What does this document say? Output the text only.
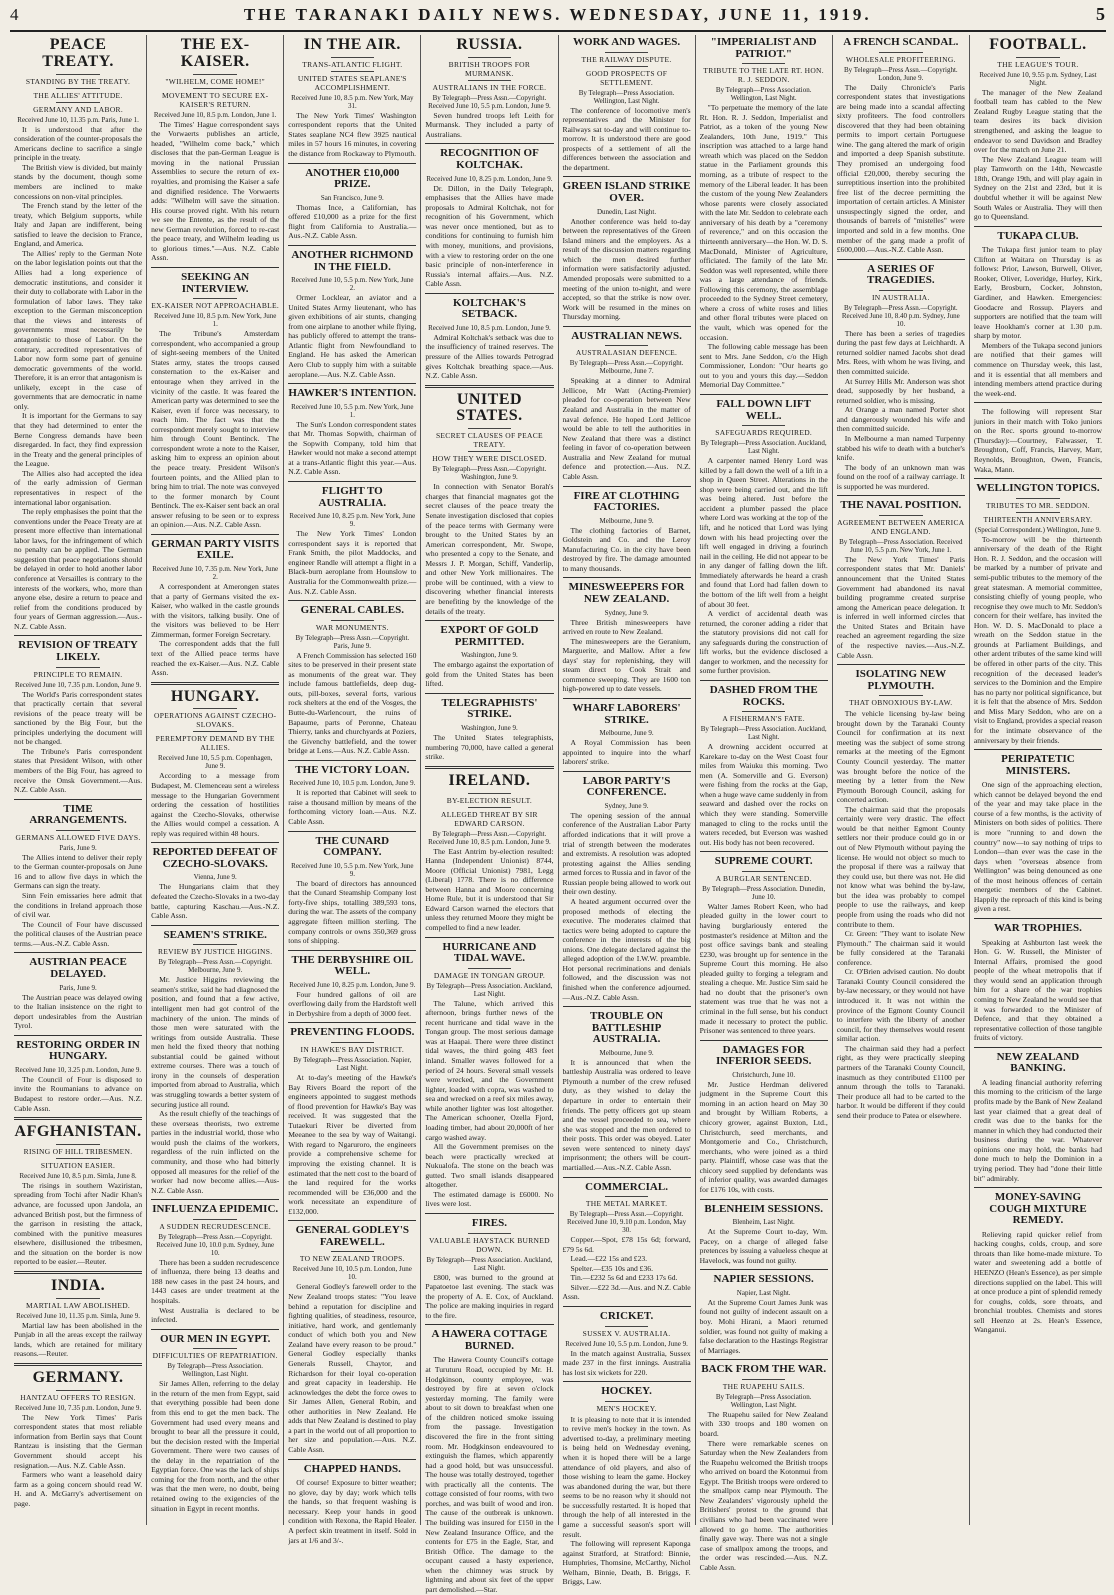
4	THE TARANAKI DAILY NEWS. WEDNESDAY, JUNE 11, 1919.	5
PEACE TREATY.
STANDING BY THE TREATY.
THE ALLIES' ATTITUDE.
GERMANY AND LABOR.
Received June 10, 11.35 p.m. Paris, June 1.

It is understood that after the consideration of the counter-proposals the Americans decline to sacrifice a single principle in the treaty.

The British view is divided, but mainly stands by the document, though some members are inclined to make concessions on non-vital principles.

The French stand by the letter of the treaty, which Belgium supports, while Italy and Japan are indifferent, being satisfied to leave the decision to France, England, and America.

The Allies' reply to the German Note on the labor legislation points out that the Allies had a long experience of democratic institutions, and consider it their duty to collaborate with Labor in the formulation of labor laws. They take exception to the German misconception that the views and interests of governments must necessarily be antagonistic to those of Labor. On the contrary, accredited representatives of Labor now form some part of genuine democratic governments of the world. Therefore, it is an error that antagonism is unlikely, except in the case of governments that are democratic in name only.

It is important for the Germans to say that they had determined to enter the Berne Congress demands have been disregarded. In fact, they find expression in the Treaty and the general principles of the League.

The Allies also had accepted the idea of the early admission of German representatives in respect of the international labor organisation.

The reply emphasises the point that the conventions under the Peace Treaty are at present more effective than international labor laws, for the infringement of which no penalty can be applied. The German suggestion that peace negotiations should be delayed in order to hold another labor conference at Versailles is contrary to the interests of the workers, who, more than anyone else, desire a return to peace and relief from the conditions produced by four years of German aggression.—Aus.-N.Z. Cable Assn.

REVISION OF TREATY LIKELY.
PRINCIPLE TO REMAIN.
Received June 10, 7.35 p.m. London, June 9.

The World's Paris correspondent states that practically certain that several revisions of the peace treaty will be sanctioned by the Big Four, but the principles underlying the document will not be changed.

The Tribune's Paris correspondent states that President Wilson, with other members of the Big Four, has agreed to receive the Omsk Government.—Aus. N.Z. Cable Assn.

TIME ARRANGEMENTS.
GERMANS ALLOWED FIVE DAYS.
Paris, June 9.

The Allies intend to deliver their reply to the German counter-proposals on June 16 and to allow five days in which the Germans can sign the treaty.

Sinn Fein emissaries here admit that the conditions in Ireland approach those of civil war.

The Council of Four have discussed the political clauses of the Austrian peace terms.—Aus.-N.Z. Cable Assn.

AUSTRIAN PEACE DELAYED.
Paris, June 9.

The Austrian peace was delayed owing to the Italian insistence on the right to deport undesirables from the Austrian Tyrol.

RESTORING ORDER IN HUNGARY.
Received June 10, 3.25 p.m. London, June 9.

The Council of Four is disposed to invite the Roumanians to advance on Budapest to restore order.—Aus. N.Z. Cable Assn.

AFGHANISTAN.
RISING OF HILL TRIBESMEN.
SITUATION EASIER.
Received June 10, 8.5 p.m. Simla, June 8.

The risings in southern Waziristan, spreading from Tochi after Nadir Khan's advance, are focussed upon Jandola, an advanced British post, but the firmness of the garrison in resisting the attack, combined with the punitive measures elsewhere, disillusioned the tribesmen, and the situation on the border is now reported to be easier.—Reuter.

INDIA.
MARTIAL LAW ABOLISHED.
Received June 10, 11.35 p.m. Simla, June 9.

Martial law has been abolished in the Punjab in all the areas except the railway lands, which are retained for military reasons.—Reuter.

GERMANY.
HANTZAU OFFERS TO RESIGN.
Received June 10, 7.35 p.m. London, June 9.

The New York Times' Paris correspondent states that most reliable information from Berlin says that Count Rantzau is insisting that the German Government should accept his resignation.—Aus. N.Z. Cable Assn.

Farmers who want a leasehold dairy farm as a going concern should read W. H. and A. McGarry's advertisement on page.

THE EX-KAISER.
"WILHELM, COME HOME!"
MOVEMENT TO SECURE EX-KAISER'S RETURN.
Received June 10, 8.5 p.m. London, June 1.

The Times' Hague correspondent says the Vorwaerts publishes an article, headed, "Wilhelm come back," which discloses that the pan-German League is moving in the national Prussian Assemblies to secure the return of ex-royalties, and promising the Kaiser a safe and dignified residence. The Vorwaerts adds: "Wilhelm will save the situation. His course proved right. With his return we see the Entente, as the result of the new German revolution, forced to re-cast the peace treaty, and Wilhelm leading us to glorious times."—Aus. N.Z. Cable Assn.

SEEKING AN INTERVIEW.
EX-KAISER NOT APPROACHABLE.
Received June 10, 8.5 p.m. New York, June 1.

The Tribune's Amsterdam correspondent, who accompanied a group of sight-seeing members of the United States army, states the troops caused consternation to the ex-Kaiser and entourage when they arrived in the vicinity of the castle. It was feared the American party was determined to see the Kaiser, even if force was necessary, to reach him. The fact was that the correspondent merely sought to interview him through Count Bentinck. The correspondent wrote a note to the Kaiser, asking him to express an opinion about the peace treaty. President Wilson's fourteen points, and the Allied plan to bring him to trial. The note was conveyed to the former monarch by Count Bentinck. The ex-Kaiser sent back an oral answer refusing to be seen or to express an opinion.—Aus. N.Z. Cable Assn.

GERMAN PARTY VISITS EXILE.
Received June 10, 7.35 p.m. New York, June 2.

A correspondent at Amerongen states that a party of Germans visited the ex-Kaiser, who walked in the castle grounds with the visitors, talking busily. One of the visitors was believed to be Herr Zimmerman, former Foreign Secretary.

The correspondent adds that the full text of the Allied peace terms have reached the ex-Kaiser.—Aus. N.Z. Cable Assn.

HUNGARY.
OPERATIONS AGAINST CZECHO-SLOVAKS.
PEREMPTORY DEMAND BY THE ALLIES.
Received June 10, 5.5 p.m. Copenhagen, June 9.

According to a message from Budapest, M. Clemenceau sent a wireless message to the Hungarian Government ordering the cessation of hostilities against the Czecho-Slovaks, otherwise the Allies would compel a cessation. A reply was required within 48 hours.

REPORTED DEFEAT OF CZECHO-SLOVAKS.
Vienna, June 9.

The Hungarians claim that they defeated the Czecho-Slovaks in a two-day battle, capturing Kaschau.—Aus.-N.Z. Cable Assn.

SEAMEN'S STRIKE.
REVIEW BY JUSTICE HIGGINS.
By Telegraph—Press Assn.—Copyright. Melbourne, June 9.

Mr. Justice Higgins reviewing the seamen's strike, said he had diagnosed the position, and found that a few active, intelligent men had got control of the machinery of the union. The minds of those men were saturated with the writings from outside Australia. These men held the fixed theory that nothing substantial could be gained without extreme courses. There was a touch of irony in the counsels of desperation imported from abroad to Australia, which was struggling towards a better system of securing justice all round.

As the result chiefly of the teachings of these overseas theorists, two extreme parties in the industrial world, those who would push the claims of the workers, regardless of the ruin inflicted on the community, and those who had bitterly opposed all measures for the relief of the worker had now become allies.—Aus-N.Z. Cable Assn.

INFLUENZA EPIDEMIC.
A SUDDEN RECRUDESCENCE.
By Telegraph—Press Assn.—Copyright. Received June 10, 10.0 p.m. Sydney, June 10.

There has been a sudden recrudescence of influenza, there being 13 deaths and 188 new cases in the past 24 hours, and 1443 cases are under treatment at the hospitals.

West Australia is declared to be infected.

OUR MEN IN EGYPT.
DIFFICULTIES OF REPATRIATION.
By Telegraph—Press Association. Wellington, Last Night.

Sir James Allen, referring to the delay in the return of the men from Egypt, said that everything possible had been done from this end to get the men back. The Government had used every means and brought to bear all the pressure it could, but the decision rested with the Imperial Government. There were two causes of the delay in the repatriation of the Egyptian force. One was the lack of ships coming for the from north, and the other was that the men were, no doubt, being retained owing to the exigencies of the situation in Egypt in recent months.

IN THE AIR.
TRANS-ATLANTIC FLIGHT.
UNITED STATES SEAPLANE'S ACCOMPLISHMENT.
Received June 10, 8.5 p.m. New York, May 31.

The New York Times' Washington correspondent reports that the United States seaplane NC4 flew 3925 nautical miles in 57 hours 16 minutes, in covering the distance from Rockaway to Plymouth.

ANOTHER £10,000 PRIZE.
San Francisco, June 9.

Thomas Ince, a Californian, has offered £10,000 as a prize for the first flight from California to Australia.—Aus.-N.Z. Cable Assn.

ANOTHER RICHMOND IN THE FIELD.
Received June 10, 5.5 p.m. New York, June 2.

Ormer Locklear, an aviator and a United States Army lieutenant, who has given exhibitions of air stunts, changing from one airplane to another while flying, has publicly offered to attempt the trans-Atlantic flight from Newfoundland to England. He has asked the American Aero Club to supply him with a suitable aeroplane.—Aus. N.Z. Cable Assn.

HAWKER'S INTENTION.
Received June 10, 5.5 p.m. New York, June 1.

The Sun's London correspondent states that Mr. Thomas Sopwith, chairman of the Sopwith Company, told him that Hawker would not make a second attempt at a trans-Atlantic flight this year.—Aus. N.Z. Cable Assn.

FLIGHT TO AUSTRALIA.
Received June 10, 8.25 p.m. New York, June 9.

The New York Times' London correspondent says it is reported that Frank Smith, the pilot Maddocks, and engineer Randle will attempt a flight in a Black-burn aeroplane from Hounslow to Australia for the Commonwealth prize.—Aus. N.Z. Cable Assn.

GENERAL CABLES.
WAR MONUMENTS.
By Telegraph—Press Assn.—Copyright. Paris, June 9.

A French Commission has selected 160 sites to be preserved in their present state as monuments of the great war. They include famous battlefields, deep dug-outs, pill-boxes, several forts, various rock shelters at the end of the Vosges, the Butte-du-Warlencourt, the ruins of Bapaume, parts of Peronne, Chateau Thierry, tanks and churchyards at Poziers, the Givenchy battlefield, and the tower bridge at Lens.—Aus. N.Z. Cable Assn.

THE VICTORY LOAN.
Received June 10, 10.5 p.m. London, June 9.

It is reported that Cabinet will seek to raise a thousand million by means of the forthcoming victory loan.—Aus. N.Z. Cable Assn.

THE CUNARD COMPANY.
Received June 10, 5.5 p.m. New York, June 9.

The board of directors has announced that the Cunard Steamship Company lost forty-five ships, totalling 389,593 tons, during the war. The assets of the company aggregate fifteen million sterling. The company controls or owns 350,369 gross tons of shipping.

THE DERBYSHIRE OIL WELL.
Received June 10, 8.25 p.m. London, June 9.

Four hundred gallons of oil are overflowing daily from the Hardstoft well in Derbyshire from a depth of 3000 feet.

PREVENTING FLOODS.
IN HAWKE'S BAY DISTRICT.
By Telegraph—Press Association. Napier, Last Night.

At to-day's meeting of the Hawke's Bay Rivers Board the report of the engineers appointed to suggest methods of flood prevention for Hawke's Bay was received. It was suggested that the Tutaekuri River be diverted from Meeanee to the sea by way of Waitangi. With regard to Ngaruroro, the engineers provide a comprehensive scheme for improving the existing channel. It is estimated that the nett cost to the board of the land required for the works recommended will be £36,000 and the work necessitate an expenditure of £132,000.

GENERAL GODLEY'S FAREWELL.
TO NEW ZEALAND TROOPS.
Received June 10, 10.5 p.m. London, June 10.

General Godley's farewell order to the New Zealand troops states: "You leave behind a reputation for discipline and fighting qualities, of steadiness, resource, initiative, hard work, and gentlemanly conduct of which both you and New Zealand have every reason to be proud." General Godley especially thanks Generals Russell, Chaytor, and Richardson for their loyal co-operation and great capacity in leadership. He acknowledges the debt the force owes to Sir James Allen, General Robin, and other authorities in New Zealand. He adds that New Zealand is destined to play a part in the world out of all proportion to her size and population.—Aus. N.Z. Cable Assn.

CHAPPED HANDS.

Of course! Exposure to bitter weather; no glove, day by day; work which tells the hands, so that frequent washing is necessary. Keep your hands in good condition with Rexona, the Rapid Healer. A perfect skin treatment in itself. Sold in jars at 1/6 and 3/-.

RUSSIA.
BRITISH TROOPS FOR MURMANSK.
AUSTRALIANS IN THE FORCE.
By Telegraph—Press Assn.—Copyright. Received June 10, 5.5 p.m. London, June 9.

Seven hundred troops left Leith for Murmansk. They included a party of Australians.

RECOGNITION OF KOLTCHAK.
Received June 10, 8.25 p.m. London, June 9.

Dr. Dillon, in the Daily Telegraph, emphasises that the Allies have made proposals to Admiral Koltchak, not for recognition of his Government, which was never once mentioned, but as to conditions for continuing to furnish him with money, munitions, and provisions, with a view to restoring order on the one basic principle of non-interference in Russia's internal affairs.—Aus. N.Z. Cable Assn.

KOLTCHAK'S SETBACK.
Received June 10, 8.5 p.m. London, June 9.

Admiral Koltchak's setback was due to the insufficiency of trained reserves. The pressure of the Allies towards Petrograd gives Koltchak breathing space.—Aus. N.Z. Cable Assn.

UNITED STATES.
SECRET CLAUSES OF PEACE TREATY.
HOW THEY WERE DISCLOSED.
By Telegraph—Press Assn.—Copyright. Washington, June 9.

In connection with Senator Borah's charges that financial magnates got the secret clauses of the peace treaty the Senate investigation disclosed that copies of the peace terms with Germany were brought to the United States by an American correspondent, Mr. Swope, who presented a copy to the Senate, and Messrs J. P. Morgan, Schiff, Vanderlip, and other New York millionaires. The probe will be continued, with a view to discovering whether financial interests are benefiting by the knowledge of the details of the treaty.

EXPORT OF GOLD PERMITTED.
Washington, June 9.

The embargo against the exportation of gold from the United States has been lifted.

TELEGRAPHISTS' STRIKE.
Washington, June 9.

The United States telegraphists, numbering 70,000, have called a general strike.

IRELAND.
BY-ELECTION RESULT.
ALLEGED THREAT BY SIR EDWARD CARSON.
By Telegraph—Press Assn.—Copyright. Received June 10, 8.5 p.m. London, June 9.

The East Antrim by-election resulted: Hanna (Independent Unionist) 8744, Moore (Official Unionist) 7981, Legg (Liberal) 1778. There is no difference between Hanna and Moore concerning Home Rule, but it is understood that Sir Edward Carson warned the electors that unless they returned Moore they might be compelled to find a new leader.

HURRICANE AND TIDAL WAVE.
DAMAGE IN TONGAN GROUP.
By Telegraph—Press Association. Auckland, Last Night.

The Talune, which arrived this afternoon, brings further news of the recent hurricane and tidal wave in the Tongan group. The most serious damage was at Haapai. There were three distinct tidal waves, the third going 483 feet inland. Smaller waves followed for a period of 24 hours. Several small vessels were wrecked, and the Government lighter, loaded with copra, was washed to sea and wrecked on a reef six miles away, while another lighter was lost altogether. The American schooner, Ozella Fjord, loading timber, had about 20,000ft of her cargo washed away.

All the Government premises on the beach were practically wrecked at Nukualofa. The stone on the beach was gutted. Two small islands disappeared altogether.

The estimated damage is £6000. No lives were lost.

FIRES.
VALUABLE HAYSTACK BURNED DOWN.
By Telegraph—Press Association. Auckland, Last Night.

£800, was burned to the ground at Papatoetoe last evening. The stack was the property of A. E. Cox, of Auckland. The police are making inquiries in regard to the fire.

A HAWERA COTTAGE BURNED.

The Hawera County Council's cottage at Turuturu Road, occupied by Mr. H. Hodgkinson, county employee, was destroyed by fire at seven o'clock yesterday morning. The family were about to sit down to breakfast when one of the children noticed smoke issuing from the passage. Investigation discovered the fire in the front sitting room. Mr. Hodgkinson endeavoured to extinguish the flames, which apparently had a good hold, but was unsuccessful. The house was totally destroyed, together with practically all the contents. The cottage consisted of four rooms, with two porches, and was built of wood and iron. The cause of the outbreak is unknown. The building was insured for £150 in the New Zealand Insurance Office, and the contents for £75 in the Eagle, Star, and British Office. The damage to the occupant caused a hasty experience, when the chimney was struck by lightning and about six feet of the upper part demolished.—Star.

WORK AND WAGES.
THE RAILWAY DISPUTE.
GOOD PROSPECTS OF SETTLEMENT.
By Telegraph—Press Association. Wellington, Last Night.

The conference of locomotive men's representatives and the Minister for Railways sat to-day and will continue to-morrow. It is understood there are good prospects of a settlement of all the differences between the association and the department.

GREEN ISLAND STRIKE OVER.
Dunedin, Last Night.

Another conference was held to-day between the representatives of the Green Island miners and the employers. As a result of the discussion matters regarding which the men desired further information were satisfactorily adjusted. Amended proposals were submitted to a meeting of the union to-night, and were accepted, so that the strike is now over. Work will be resumed in the mines on Thursday morning.

AUSTRALIAN NEWS.
AUSTRALASIAN DEFENCE.
By Telegraph—Press Assn.—Copyright. Melbourne, June 7.

Speaking at a dinner to Admiral Jellicoe, Mr Watt (Acting-Premier) pleaded for co-operation between New Zealand and Australia in the matter of naval defence. He hoped Lord Jellicoe would be able to tell the authorities in New Zealand that there was a distinct feeling in favor of co-operation between Australia and New Zealand for mutual defence and protection.—Aus. N.Z. Cable Assn.

FIRE AT CLOTHING FACTORIES.
Melbourne, June 9.

The clothing factories of Barnet, Goldstein and Co. and the Leroy Manufacturing Co. in the city have been destroyed by fire. The damage amounted to many thousands.

MINESWEEPERS FOR NEW ZEALAND.
Sydney, June 9.

Three British minesweepers have arrived en route to New Zealand.

The minesweepers are the Geranium, Marguerite, and Mallow. After a few days' stay for replenishing, they will steam direct to Cook Strait and commence sweeping. They are 1600 ton high-powered up to date vessels.

WHARF LABORERS' STRIKE.
Melbourne, June 9.

A Royal Commission has been appointed to inquire into the wharf laborers' strike.

LABOR PARTY'S CONFERENCE.
Sydney, June 9.

The opening session of the annual conference of the Australian Labor Party afforded indications that it will prove a trial of strength between the moderates and extremists. A resolution was adopted protesting against the Allies sending armed forces to Russia and in favor of the Russian people being allowed to work out their own destiny.

A heated argument occurred over the proposed methods of electing the executive. The moderates claimed that tactics were being adopted to capture the conference in the interests of the big unions. One delegate declared against the alleged adoption of the I.W.W. preamble. Hot personal recriminations and denials followed, and the discussion was not finished when the conference adjourned.—Aus.-N.Z. Cable Assn.

TROUBLE ON BATTLESHIP AUSTRALIA.
Melbourne, June 9.

It is announced that when the battleship Australia was ordered to leave Plymouth a number of the crew refused duty, as they wished to delay the departure in order to entertain their friends. The petty officers got up steam and the vessel proceeded to sea, where she was stopped and the men ordered to their posts. This order was obeyed. Later seven were sentenced to ninety days' imprisonment; the others will be court-martialled.—Aus.-N.Z. Cable Assn.

COMMERCIAL.
THE METAL MARKET.
By Telegraph—Press Assn.—Copyright. Received June 10, 9.10 p.m. London, May 30.

Copper.—Spot, £78 15s 6d; forward, £79 5s 6d.

Lead.—£22 15s and £23.

Spelter.—£35 10s and £36.

Tin.—£232 5s 6d and £233 17s 6d.

Silver.—£22 3d.—Aus. and N.Z. Cable Assn.

CRICKET.
SUSSEX V. AUSTRALIA.
Received June 10, 5.5 p.m. London, June 9.

In the match against Australia, Sussex made 237 in the first innings. Australia has lost six wickets for 220.

HOCKEY.
MEN'S HOCKEY.

It is pleasing to note that it is intended to revive men's hockey in the town. As advertised to-day, a preliminary meeting is being held on Wednesday evening, when it is hoped there will be a large attendance of old players, and also of those wishing to learn the game. Hockey was abandoned during the war, but there seems to be no reason why it should not be successfully restarted. It is hoped that through the help of all interested in the game a successful season's sport will result.

The following will represent Kaponga against Stratford, at Stratford: Binnie, Humphries, Thomsine, McCarthy, Nichol Welham, Binnie, Death, B. Briggs, F. Briggs, Law.

"IMPERIALIST AND PATRIOT."
TRIBUTE TO THE LATE RT. HON. R. J. SEDDON.
By Telegraph—Press Association. Wellington, Last Night.

"To perpetuate the memory of the late Rt. Hon. R. J. Seddon, Imperialist and Patriot, as a token of the young New Zealanders, 10th June, 1919." This inscription was attached to a large hand wreath which was placed on the Seddon statue in the Parliament grounds this morning, as a tribute of respect to the memory of the Liberal leader. It has been the custom of the young New Zealanders whose parents were closely associated with the late Mr. Seddon to celebrate each anniversary of his death by a "ceremony of reverence," and on this occasion the thirteenth anniversary—the Hon. W. D. S. MacDonald, Minister of Agriculture, officiated. The family of the late Mr. Seddon was well represented, while there was a large attendance of friends. Following this ceremony, the assemblage proceeded to the Sydney Street cemetery, where a cross of white roses and lilies and other floral tributes were placed on the vault, which was opened for the occasion.

The following cable message has been sent to Mrs. Jane Seddon, c/o the High Commissioner, London: "Our hearts go out to you and yours this day.—Seddon Memorial Day Committee."

FALL DOWN LIFT WELL.
SAFEGUARDS REQUIRED.
By Telegraph—Press Association. Auckland, Last Night.

A carpenter named Henry Lord was killed by a fall down the well of a lift in a shop in Queen Street. Alterations in the shop were being carried out, and the lift was being altered. Just before the accident a plumber passed the place where Lord was working at the top of the lift, and he noticed that Lord was lying down with his head projecting over the lift well engaged in driving a fourinch nail in the ceiling. He did not appear to be in any danger of falling down the lift. Immediately afterwards he heard a crash and found that Lord had fallen down to the bottom of the lift well from a height of about 30 feet.

A verdict of accidental death was returned, the coroner adding a rider that the statutory provisions did not call for any safeguards during the construction of lift works, but the evidence disclosed a danger to workmen, and the necessity for some further provision.

DASHED FROM THE ROCKS.
A FISHERMAN'S FATE.
By Telegraph—Press Association. Auckland, Last Night.

A drowning accident occurred at Karekare to-day on the West Coast four miles from Waiuku this morning. Two men (A. Somerville and G. Everson) were fishing from the rocks at the Gap, when a huge wave came suddenly in from seaward and dashed over the rocks on which they were standing. Somerville managed to cling to the rocks until the waters receded, but Everson was washed out. His body has not been recovered.

SUPREME COURT.
A BURGLAR SENTENCED.
By Telegraph—Press Association. Dunedin, June 10.

Walter James Robert Keen, who had pleaded guilty in the lower court to having burglariously entered the postmaster's residence at Milton and the post office savings bank and stealing £230, was brought up for sentence in the Supreme Court this morning. He also pleaded guilty to forging a telegram and stealing a cheque. Mr. Justice Sim said he had no doubt that the prisoner's own statement was true that he was not a criminal in the full sense, but his conduct made it necessary to protect the public. Prisoner was sentenced to three years.

DAMAGES FOR INFERIOR SEEDS.
Christchurch, June 10.

Mr. Justice Herdman delivered judgment in the Supreme Court this morning in an action heard on May 30 and brought by William Roberts, a chicory grower, against Buxton, Ltd., Christchurch, seed merchants, and Montgomerie and Co., Christchurch, merchants, who were joined as a third party. Plaintiff, whose case was that the chicory seed supplied by defendants was of inferior quality, was awarded damages for £176 10s, with costs.

BLENHEIM SESSIONS.
Blenheim, Last Night.

At the Supreme Court to-day, Wm. Pacey, on a charge of alleged false pretences by issuing a valueless cheque at Havelock, was found not guilty.

NAPIER SESSIONS.
Napier, Last Night.

At the Supreme Court James Junk was found not guilty of indecent assault on a boy. Mohi Hirani, a Maori returned soldier, was found not guilty of making a false declaration to the Hastings Registrar of Marriages.

BACK FROM THE WAR.
THE RUAPEHU SAILS.
By Telegraph—Press Association. Wellington, Last Night.

The Ruapehu sailed for New Zealand with 330 troops and 180 women on board.

There were remarkable scenes on Saturday when the New Zealanders from the Ruapehu welcomed the British troops who arrived on board the Kotonmui from Egypt. The British troops were ordered to the smallpox camp near Plymouth. The New Zealanders' vigorously upheld the Britishers' protest to the ground that civilians who had been vaccinated were allowed to go home. The authorities finally gave way. There was not a single case of smallpox among the troops, and the order was rescinded.—Aus. N.Z. Cable Assn.

A FRENCH SCANDAL.
WHOLESALE PROFITEERING.
By Telegraph—Press Assn.—Copyright. London, June 9.

The Daily Chronicle's Paris correspondent states that investigations are being made into a scandal affecting sixty profiteers. The food controllers discovered that they had been obtaining permits to import certain Portuguese wine. The gang altered the mark of origin and imported a deep Spanish substitute. They promised an undergoing food official £20,000, thereby securing the surreptitious insertion into the prohibited free list of the decree permitting the importation of certain articles. A Minister unsuspectingly signed the order, and thousands of barrels of "mistelles" were imported and sold in a few months. One member of the gang made a profit of £600,000.—Aus.-N.Z. Cable Assn.

A SERIES OF TRAGEDIES.
IN AUSTRALIA.
By Telegraph—Press Assn.—Copyright. Received June 10, 8.40 p.m. Sydney, June 10.

There has been a series of tragedies during the past few days at Leichhardt. A returned soldier named Jacobs shot dead Mrs. Rees, with whom he was living, and then committed suicide.

At Surrey Hills Mr. Anderson was shot dead, supposedly by her husband, a returned soldier, who is missing.

At Orange a man named Porter shot and dangerously wounded his wife and then committed suicide.

In Melbourne a man named Turpenny stabbed his wife to death with a butcher's knife.

The body of an unknown man was found on the roof of a railway carriage. It is supported he was murdered.

THE NAVAL POSITION.
AGREEMENT BETWEEN AMERICA AND ENGLAND.
By Telegraph—Press Association. Received June 10, 5.5 p.m. New York, June 1.

The New York Times' Paris correspondent states that Mr. Daniels' announcement that the United States Government had abandoned its naval building programme created surprise among the American peace delegation. It is inferred in well informed circles that the United States and Britain have reached an agreement regarding the size of the respective navies.—Aus.-N.Z. Cable Assn.

ISOLATING NEW PLYMOUTH.
THAT OBNOXIOUS BY-LAW.

The vehicle licensing by-law being brought down by the Taranaki County Council for confirmation at its next meeting was the subject of some strong remarks at the meeting of the Egmont County Council yesterday. The matter was brought before the notice of the meeting by a letter from the New Plymouth Borough Council, asking for concerted action.

The chairman said that the proposals certainly were very drastic. The effect would be that neither Egmont County settlers nor their produce could go in or out of New Plymouth without paying the license. He would not object so much to the proposal if there was a railway that they could use, but there was not. He did not know what was behind the by-law, but the idea was probably to compel people to use the railways, and keep people from using the roads who did not contribute to them.

Cr. Green: "They want to isolate New Plymouth." The chairman said it would be fully considered at the Taranaki conference.

Cr. O'Brien advised caution. No doubt Taranaki County Council considered the by-law necessary, or they would not have introduced it. It was not within the province of the Egmont County Council to interfere with the liberty of another council, for they themselves would resent similar action.

The chairman said they had a perfect right, as they were practically sleeping partners of the Taranaki County Council, inasmuch as they contributed £1100 per annum through the tolls to Taranaki. Their produce all had to be carted to the harbor. It would be different if they could send their produce to Patea or elsewhere.

FOOTBALL.
THE LEAGUE'S TOUR.
Received June 10, 9.55 p.m. Sydney, Last Night.

The manager of the New Zealand football team has cabled to the New Zealand Rugby League stating that the team desires its back division strengthened, and asking the league to endeavor to send Davidson and Bradley over for the match on June 21.

The New Zealand League team will play Tamworth on the 14th, Newcastle 18th, Orange 19th, and will play again in Sydney on the 21st and 23rd, but it is doubtful whether it will be against New South Wales or Australia. They will then go to Queensland.

TUKAPA CLUB.

The Tukapa first junior team to play Clifton at Waitara on Thursday is as follows: Prior, Lawson, Burwell, Oliver, Rooker, Oliver, Loveridge, Hurley, Kirk, Early, Brosburn, Cocker, Johnston, Gardiner, and Hawken. Emergencies: Goodacre and Rossup. Players and supporters are notified that the team will leave Hookham's corner at 1.30 p.m. sharp by motor.

Members of the Tukapa second juniors are notified that their games will commence on Thursday week, this last, and it is essential that all members and intending members attend practice during the week-end.

The following will represent Star juniors in their match with Toko juniors on the Rec. sports ground to-morrow (Thursday):—Courtney, Falwasser, T. Broughton, Coff, Francis, Harvey, Marr, Reynolds, Broughton, Owen, Francis, Waka, Mann.

WELLINGTON TOPICS.
TRIBUTES TO MR. SEDDON.
THIRTEENTH ANNIVERSARY.
(Special Correspondent.) Wellington, June 9.

To-morrow will be the thirteenth anniversary of the death of the Right Hon. R. J. Seddon, and the occasion will be marked by a number of private and semi-public tributes to the memory of the great statesman. A memorial committee, consisting chiefly of young people, who recognise they owe much to Mr. Seddon's concern for their welfare, has invited the Hon. W. D. S. MacDonald to place a wreath on the Seddon statue in the grounds at Parliament Buildings, and other ardent tributes of the same kind will be offered in other parts of the city. This recognition of the deceased leader's services to the Dominion and the Empire has no party nor political significance, but it is felt that the absence of Mrs. Seddon and Miss Mary Seddon, who are on a visit to England, provides a special reason for the intimate observance of the anniversary by their friends.

PERIPATETIC MINISTERS.

One sign of the approaching election, which cannot be delayed beyond the end of the year and may take place in the course of a few months, is the activity of Ministers on both sides of politics. There is more "running to and down the country" now—to say nothing of trips to London—than ever was the case in the days when "overseas absence from Wellington" was being denounced as one of the most heinous offences of certain energetic members of the Cabinet. Happily the reproach of this kind is being given a rest.

WAR TROPHIES.

Speaking at Ashburton last week the Hon. G. W. Russell, the Minister of Internal Affairs, promised the good people of the wheat metropolis that if they would send an application through him for a share of the war trophies coming to New Zealand he would see that it was forwarded to the Minister of Defence, and that they obtained a representative collection of those tangible fruits of victory.

NEW ZEALAND BANKING.

A leading financial authority referring this morning to the criticism of the large profits made by the Bank of New Zealand last year claimed that a great deal of credit was due to the banks for the manner in which they had conducted their business during the war. Whatever opinions one may hold, the banks had done much to help the Dominion in a trying period. They had "done their little bit" admirably.

MONEY-SAVING COUGH MIXTURE REMEDY.

Relieving rapid quicker relief from hacking coughs, colds, croup, and sore throats than like home-made mixture. To water and sweetening add a bottle of HEENZO (Hean's Essence), as per simple directions supplied on the label. This will at once produce a pint of splendid remedy for coughs, colds, sore throats, and bronchial troubles. Chemists and stores sell Heenzo at 2s. Hean's Essence, Wanganui.
